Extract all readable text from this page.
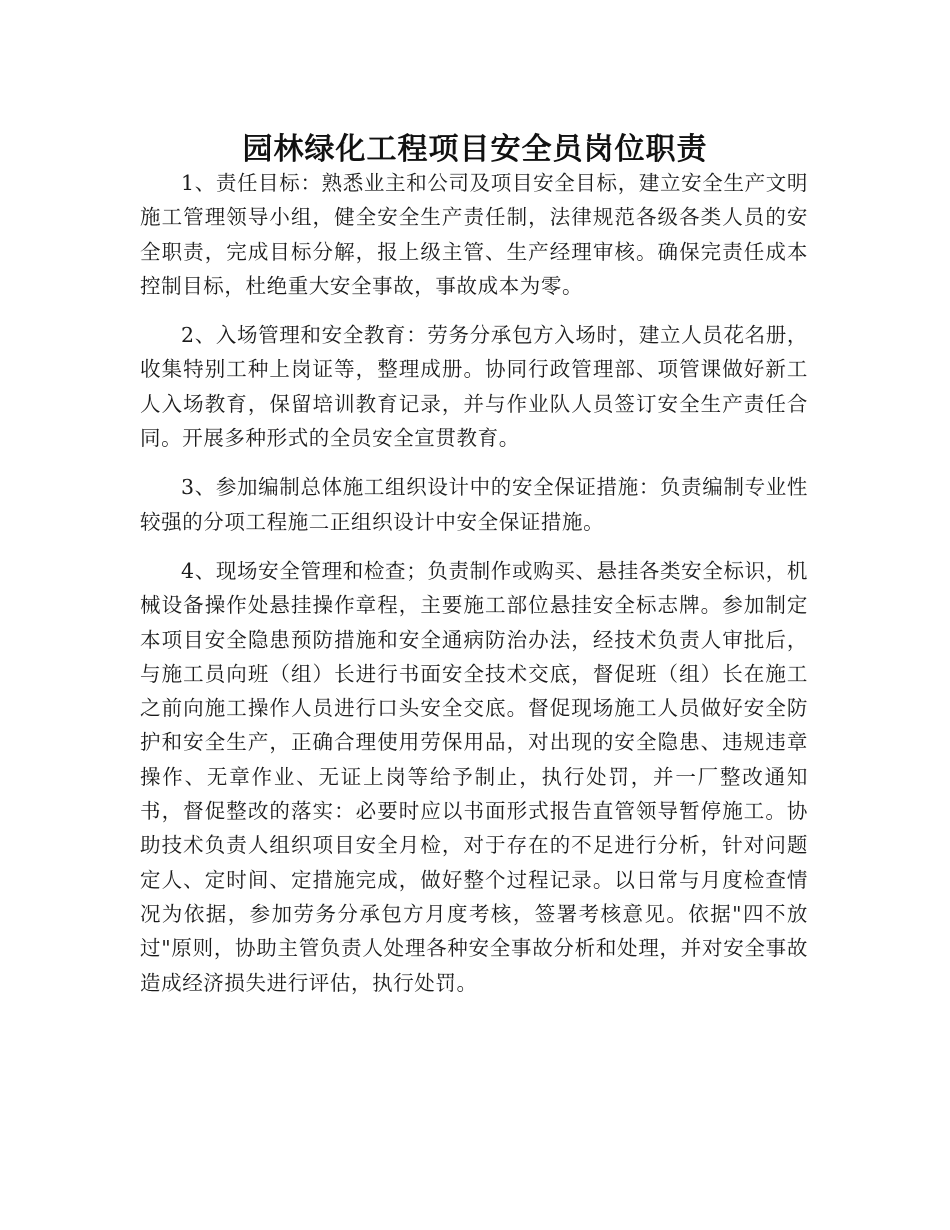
园林绿化工程项目安全员岗位职责

1、责任目标：熟悉业主和公司及项目安全目标，建立安全生产文明施工管理领导小组，健全安全生产责任制，法律规范各级各类人员的安全职责，完成目标分解，报上级主管、生产经理审核。确保完责任成本控制目标，杜绝重大安全事故，事故成本为零。

2、入场管理和安全教育：劳务分承包方入场时，建立人员花名册，收集特别工种上岗证等，整理成册。协同行政管理部、项管课做好新工人入场教育，保留培训教育记录，并与作业队人员签订安全生产责任合同。开展多种形式的全员安全宣贯教育。

3、参加编制总体施工组织设计中的安全保证措施：负责编制专业性较强的分项工程施二正组织设计中安全保证措施。

4、现场安全管理和检查；负责制作或购买、悬挂各类安全标识，机械设备操作处悬挂操作章程，主要施工部位悬挂安全标志牌。参加制定本项目安全隐患预防措施和安全通病防治办法，经技术负责人审批后，与施工员向班（组）长进行书面安全技术交底，督促班（组）长在施工之前向施工操作人员进行口头安全交底。督促现场施工人员做好安全防护和安全生产，正确合理使用劳保用品，对出现的安全隐患、违规违章操作、无章作业、无证上岗等给予制止，执行处罚，并一厂整改通知书，督促整改的落实：必要时应以书面形式报告直管领导暂停施工。协助技术负责人组织项目安全月检，对于存在的不足进行分析，针对问题定人、定时间、定措施完成，做好整个过程记录。以日常与月度检查情况为依据，参加劳务分承包方月度考核，签署考核意见。依据"四不放过"原则，协助主管负责人处理各种安全事故分析和处理，并对安全事故造成经济损失进行评估，执行处罚。
